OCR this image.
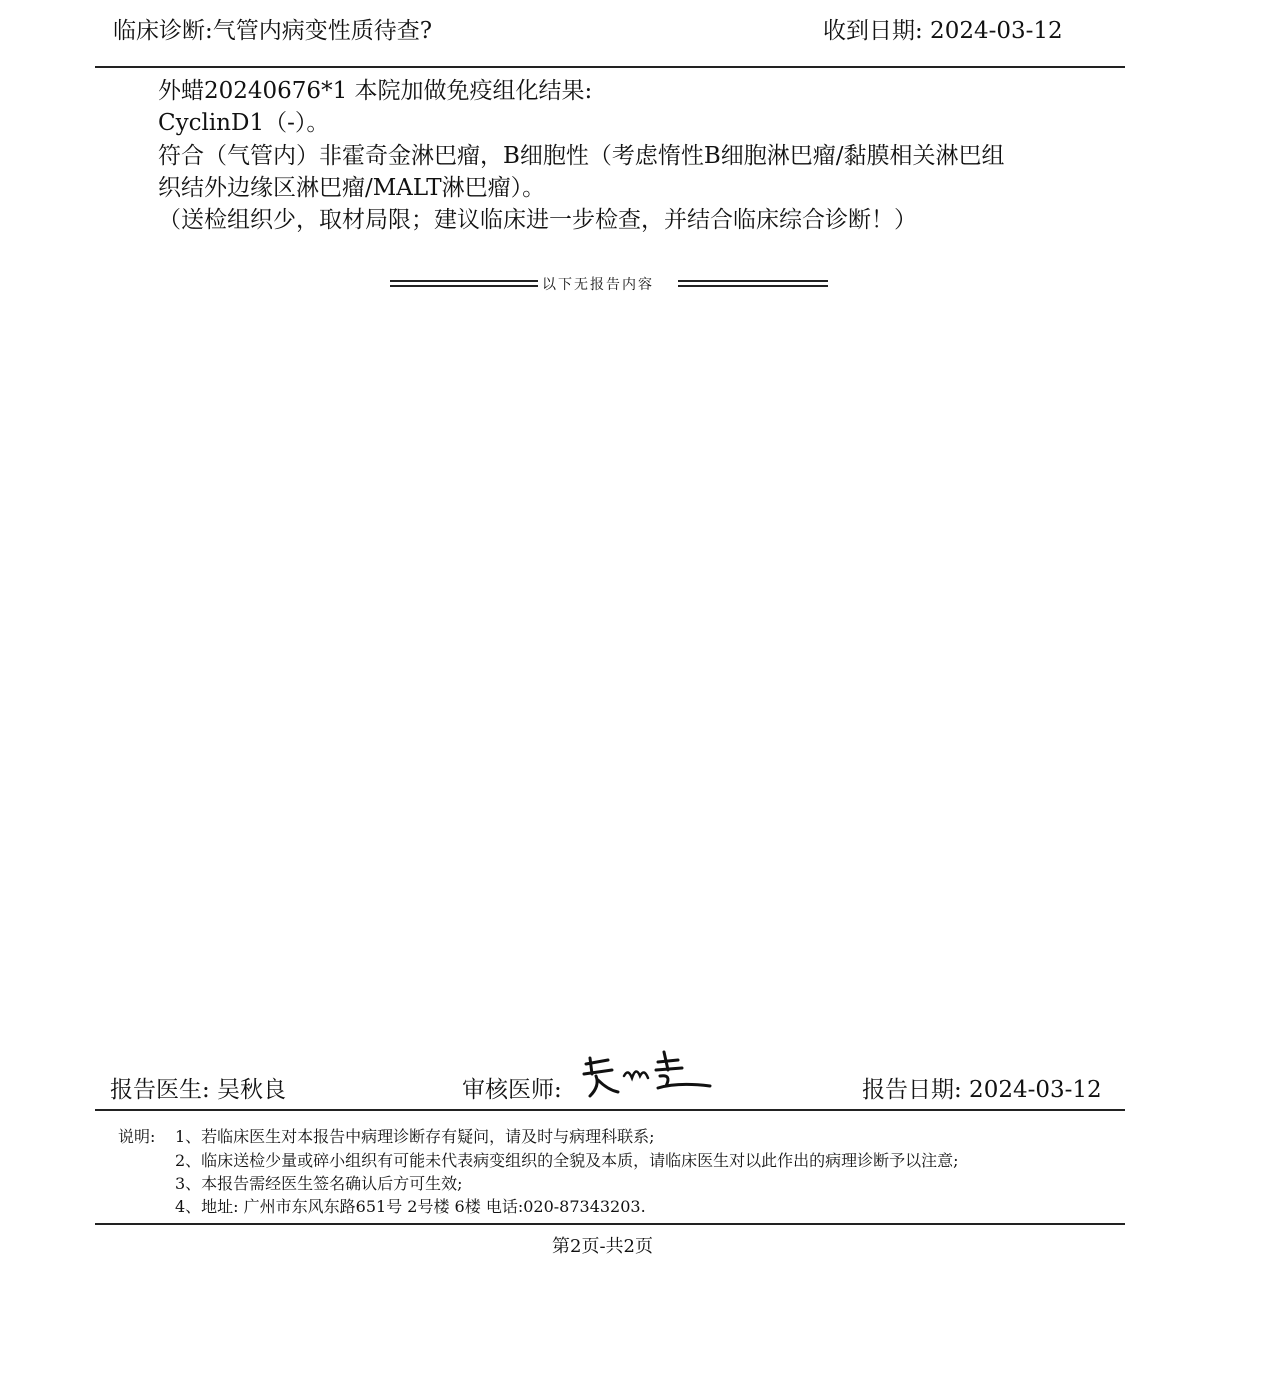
临床诊断:气管内病变性质待查?	收到日期: 2024-03-12
外蜡20240676*1 本院加做免疫组化结果:
CyclinD1（-）。
符合（气管内）非霍奇金淋巴瘤，B细胞性（考虑惰性B细胞淋巴瘤/黏膜相关淋巴组
织结外边缘区淋巴瘤/MALT淋巴瘤）。
（送检组织少，取材局限；建议临床进一步检查，并结合临床综合诊断！）
以下无报告内容
报告医生: 吴秋良	审核医师:	报告日期: 2024-03-12
说明: 1、若临床医生对本报告中病理诊断存有疑问，请及时与病理科联系;
2、临床送检少量或碎小组织有可能未代表病变组织的全貌及本质，请临床医生对以此作出的病理诊断予以注意;
3、本报告需经医生签名确认后方可生效;
4、地址: 广州市东风东路651号 2号楼 6楼 电话:020-87343203.
第2页-共2页
